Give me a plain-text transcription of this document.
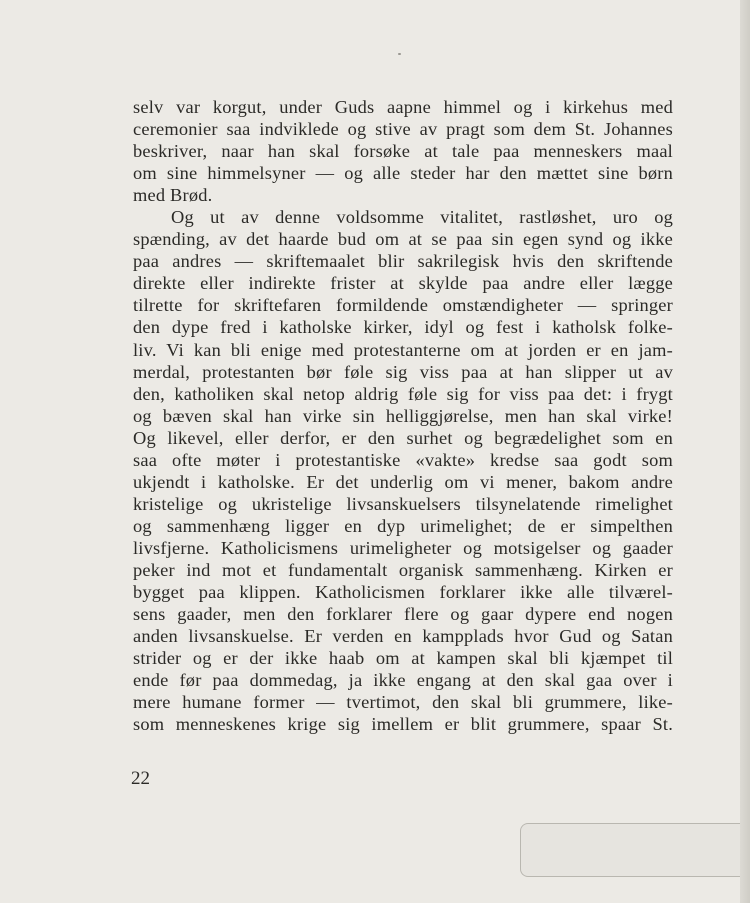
selv var korgut, under Guds aapne himmel og i kirkehus med
ceremonier saa indviklede og stive av pragt som dem St. Johannes
beskriver, naar han skal forsøke at tale paa menneskers maal
om sine himmelsyner — og alle steder har den mættet sine børn
med Brød.
Og ut av denne voldsomme vitalitet, rastløshet, uro og
spænding, av det haarde bud om at se paa sin egen synd og ikke
paa andres — skriftemaalet blir sakrilegisk hvis den skriftende
direkte eller indirekte frister at skylde paa andre eller lægge
tilrette for skriftefaren formildende omstændigheter — springer
den dype fred i katholske kirker, idyl og fest i katholsk folke-
liv. Vi kan bli enige med protestanterne om at jorden er en jam-
merdal, protestanten bør føle sig viss paa at han slipper ut av
den, katholiken skal netop aldrig føle sig for viss paa det: i frygt
og bæven skal han virke sin helliggjørelse, men han skal virke!
Og likevel, eller derfor, er den surhet og begrædelighet som en
saa ofte møter i protestantiske «vakte» kredse saa godt som
ukjendt i katholske. Er det underlig om vi mener, bakom andre
kristelige og ukristelige livsanskuelsers tilsynelatende rimelighet
og sammenhæng ligger en dyp urimelighet; de er simpelthen
livsfjerne. Katholicismens urimeligheter og motsigelser og gaader
peker ind mot et fundamentalt organisk sammenhæng. Kirken er
bygget paa klippen. Katholicismen forklarer ikke alle tilværel-
sens gaader, men den forklarer flere og gaar dypere end nogen
anden livsanskuelse. Er verden en kampplads hvor Gud og Satan
strider og er der ikke haab om at kampen skal bli kjæmpet til
ende før paa dommedag, ja ikke engang at den skal gaa over i
mere humane former — tvertimot, den skal bli grummere, like-
som menneskenes krige sig imellem er blit grummere, spaar St.
22
